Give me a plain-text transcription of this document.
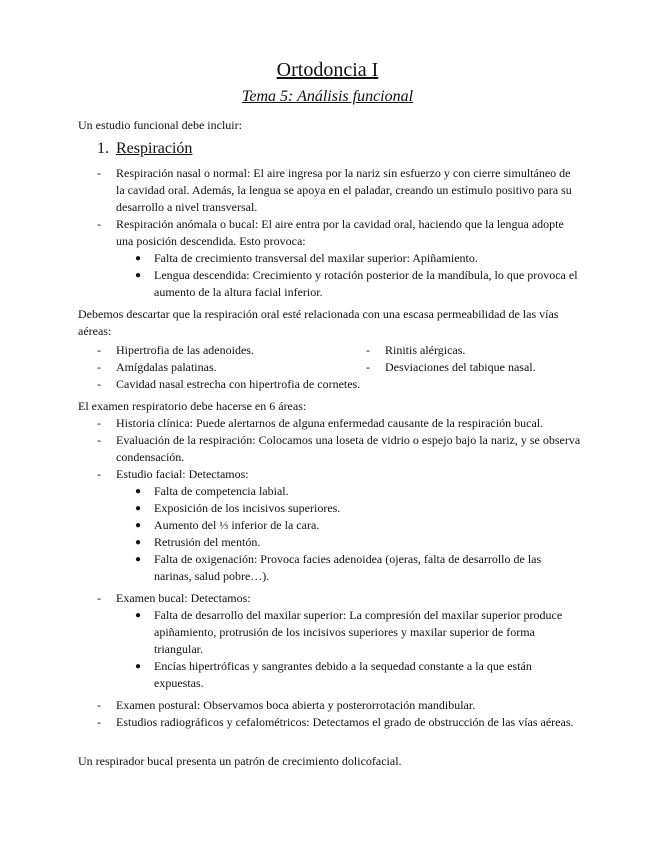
Ortodoncia I
Tema 5: Análisis funcional
Un estudio funcional debe incluir:
1. Respiración
- Respiración nasal o normal: El aire ingresa por la nariz sin esfuerzo y con cierre simultáneo de la cavidad oral. Además, la lengua se apoya en el paladar, creando un estímulo positivo para su desarrollo a nivel transversal.
- Respiración anómala o bucal: El aire entra por la cavidad oral, haciendo que la lengua adopte una posición descendida. Esto provoca:
● Falta de crecimiento transversal del maxilar superior: Apiñamiento.
● Lengua descendida: Crecimiento y rotación posterior de la mandíbula, lo que provoca el aumento de la altura facial inferior.
Debemos descartar que la respiración oral esté relacionada con una escasa permeabilidad de las vías aéreas:
- Hipertrofia de las adenoides.
- Amígdalas palatinas.
- Cavidad nasal estrecha con hipertrofia de cornetes.
- Rinitis alérgicas.
- Desviaciones del tabique nasal.
El examen respiratorio debe hacerse en 6 áreas:
- Historia clínica: Puede alertarnos de alguna enfermedad causante de la respiración bucal.
- Evaluación de la respiración: Colocamos una loseta de vidrio o espejo bajo la nariz, y se observa condensación.
- Estudio facial: Detectamos:
● Falta de competencia labial.
● Exposición de los incisivos superiores.
● Aumento del ⅓ inferior de la cara.
● Retrusión del mentón.
● Falta de oxigenación: Provoca facies adenoidea (ojeras, falta de desarrollo de las narinas, salud pobre…).
- Examen bucal: Detectamos:
● Falta de desarrollo del maxilar superior: La compresión del maxilar superior produce apiñamiento, protrusión de los incisivos superiores y maxilar superior de forma triangular.
● Encías hipertróficas y sangrantes debido a la sequedad constante a la que están expuestas.
- Examen postural: Observamos boca abierta y posterorrotación mandibular.
- Estudios radiográficos y cefalométricos: Detectamos el grado de obstrucción de las vías aéreas.
Un respirador bucal presenta un patrón de crecimiento dolicofacial.
